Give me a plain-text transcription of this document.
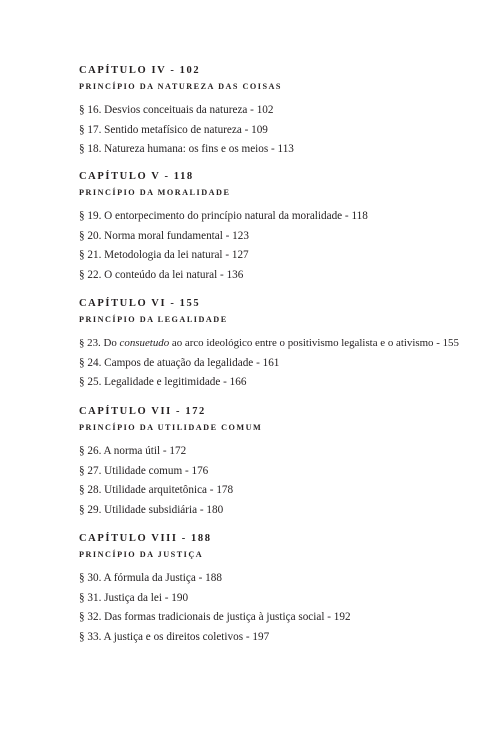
CAPÍTULO IV - 102
PRINCÍPIO DA NATUREZA DAS COISAS
§ 16. Desvios conceituais da natureza - 102
§ 17. Sentido metafísico de natureza - 109
§ 18. Natureza humana: os fins e os meios - 113
CAPÍTULO V - 118
PRINCÍPIO DA MORALIDADE
§ 19. O entorpecimento do princípio natural da moralidade - 118
§ 20. Norma moral fundamental - 123
§ 21. Metodologia da lei natural - 127
§ 22. O conteúdo da lei natural - 136
CAPÍTULO VI - 155
PRINCÍPIO DA LEGALIDADE
§ 23. Do consuetudo ao arco ideológico entre o positivismo legalista e o ativismo - 155
§ 24. Campos de atuação da legalidade - 161
§ 25. Legalidade e legitimidade - 166
CAPÍTULO VII - 172
PRINCÍPIO DA UTILIDADE COMUM
§ 26. A norma útil - 172
§ 27. Utilidade comum - 176
§ 28. Utilidade arquitetônica - 178
§ 29. Utilidade subsidiária - 180
CAPÍTULO VIII - 188
PRINCÍPIO DA JUSTIÇA
§ 30. A fórmula da Justiça - 188
§ 31. Justiça da lei - 190
§ 32. Das formas tradicionais de justiça à justiça social - 192
§ 33. A justiça e os direitos coletivos - 197
